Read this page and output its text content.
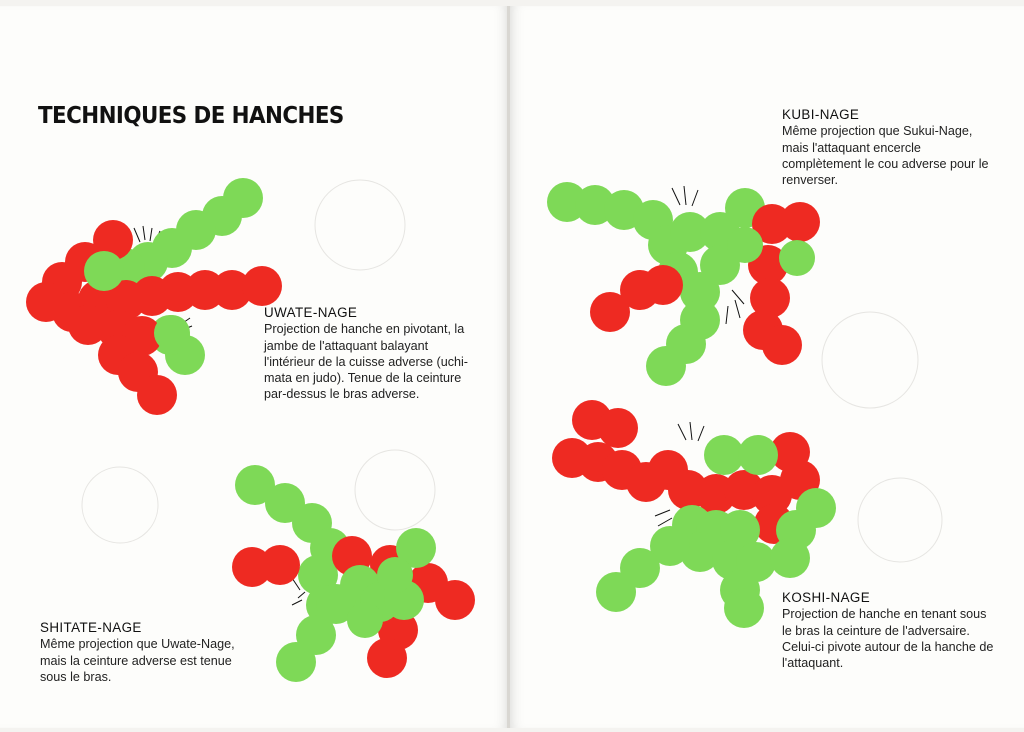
TECHNIQUES DE HANCHES
UWATE-NAGE
Projection de hanche en pivotant, la jambe de l'attaquant balayant l'intérieur de la cuisse adverse (uchi-mata en judo). Tenue de la ceinture par-dessus le bras adverse.
SHITATE-NAGE
Même projection que Uwate-Nage, mais la ceinture adverse est tenue sous le bras.
KUBI-NAGE
Même projection que Sukui-Nage, mais l'attaquant encercle complètement le cou adverse pour le renverser.
KOSHI-NAGE
Projection de hanche en tenant sous le bras la ceinture de l'adversaire. Celui-ci pivote autour de la hanche de l'attaquant.
